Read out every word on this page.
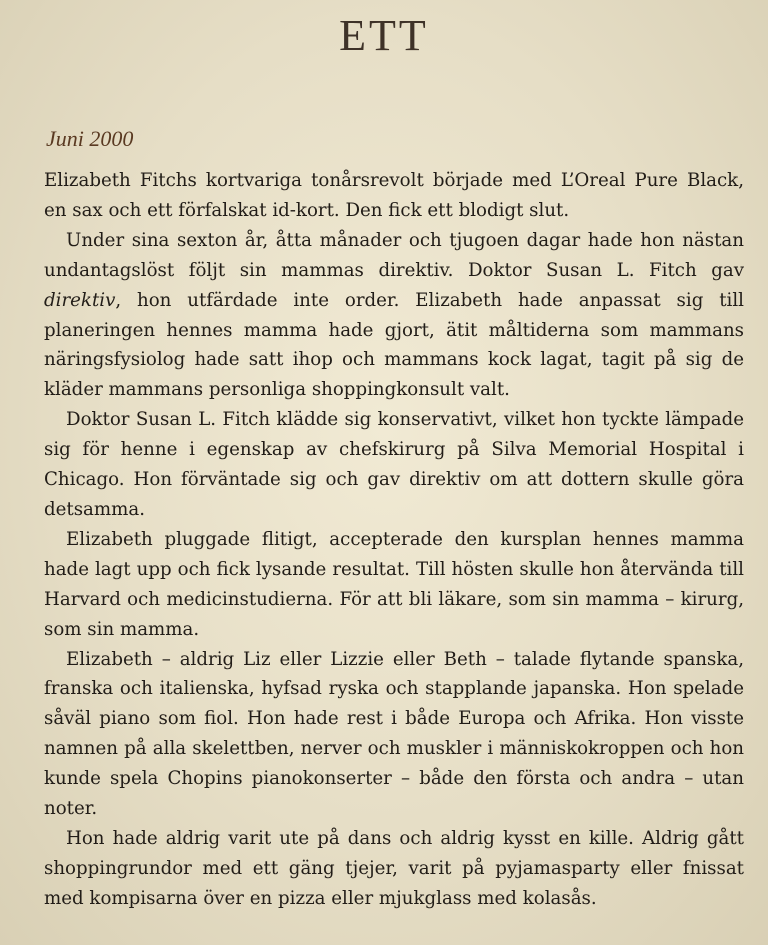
ETT
Juni 2000

Elizabeth Fitchs kortvariga tonårsrevolt började med L’Oreal Pure Black, en sax och ett förfalskat id-kort. Den fick ett blodigt slut.

Under sina sexton år, åtta månader och tjugoen dagar hade hon nästan undantagslöst följt sin mammas direktiv. Doktor Susan L. Fitch gav direktiv, hon utfärdade inte order. Elizabeth hade anpassat sig till planeringen hennes mamma hade gjort, ätit måltiderna som mammans näringsfysiolog hade satt ihop och mammans kock lagat, tagit på sig de kläder mammans personliga shoppingkonsult valt.

Doktor Susan L. Fitch klädde sig konservativt, vilket hon tyckte lämpade sig för henne i egenskap av chefskirurg på Silva Memorial Hospital i Chicago. Hon förväntade sig och gav direktiv om att dottern skulle göra detsamma.

Elizabeth pluggade flitigt, accepterade den kursplan hennes mamma hade lagt upp och fick lysande resultat. Till hösten skulle hon återvända till Harvard och medicinstudierna. För att bli läkare, som sin mamma – kirurg, som sin mamma.

Elizabeth – aldrig Liz eller Lizzie eller Beth – talade flytande spanska, franska och italienska, hyfsad ryska och stapplande japanska. Hon spelade såväl piano som fiol. Hon hade rest i både Europa och Afrika. Hon visste namnen på alla skelettben, nerver och muskler i människokroppen och hon kunde spela Chopins pianokonserter – både den första och andra – utan noter.

Hon hade aldrig varit ute på dans och aldrig kysst en kille. Aldrig gått shoppingrundor med ett gäng tjejer, varit på pyjamasparty eller fnissat med kompisarna över en pizza eller mjukglass med kolasås.
